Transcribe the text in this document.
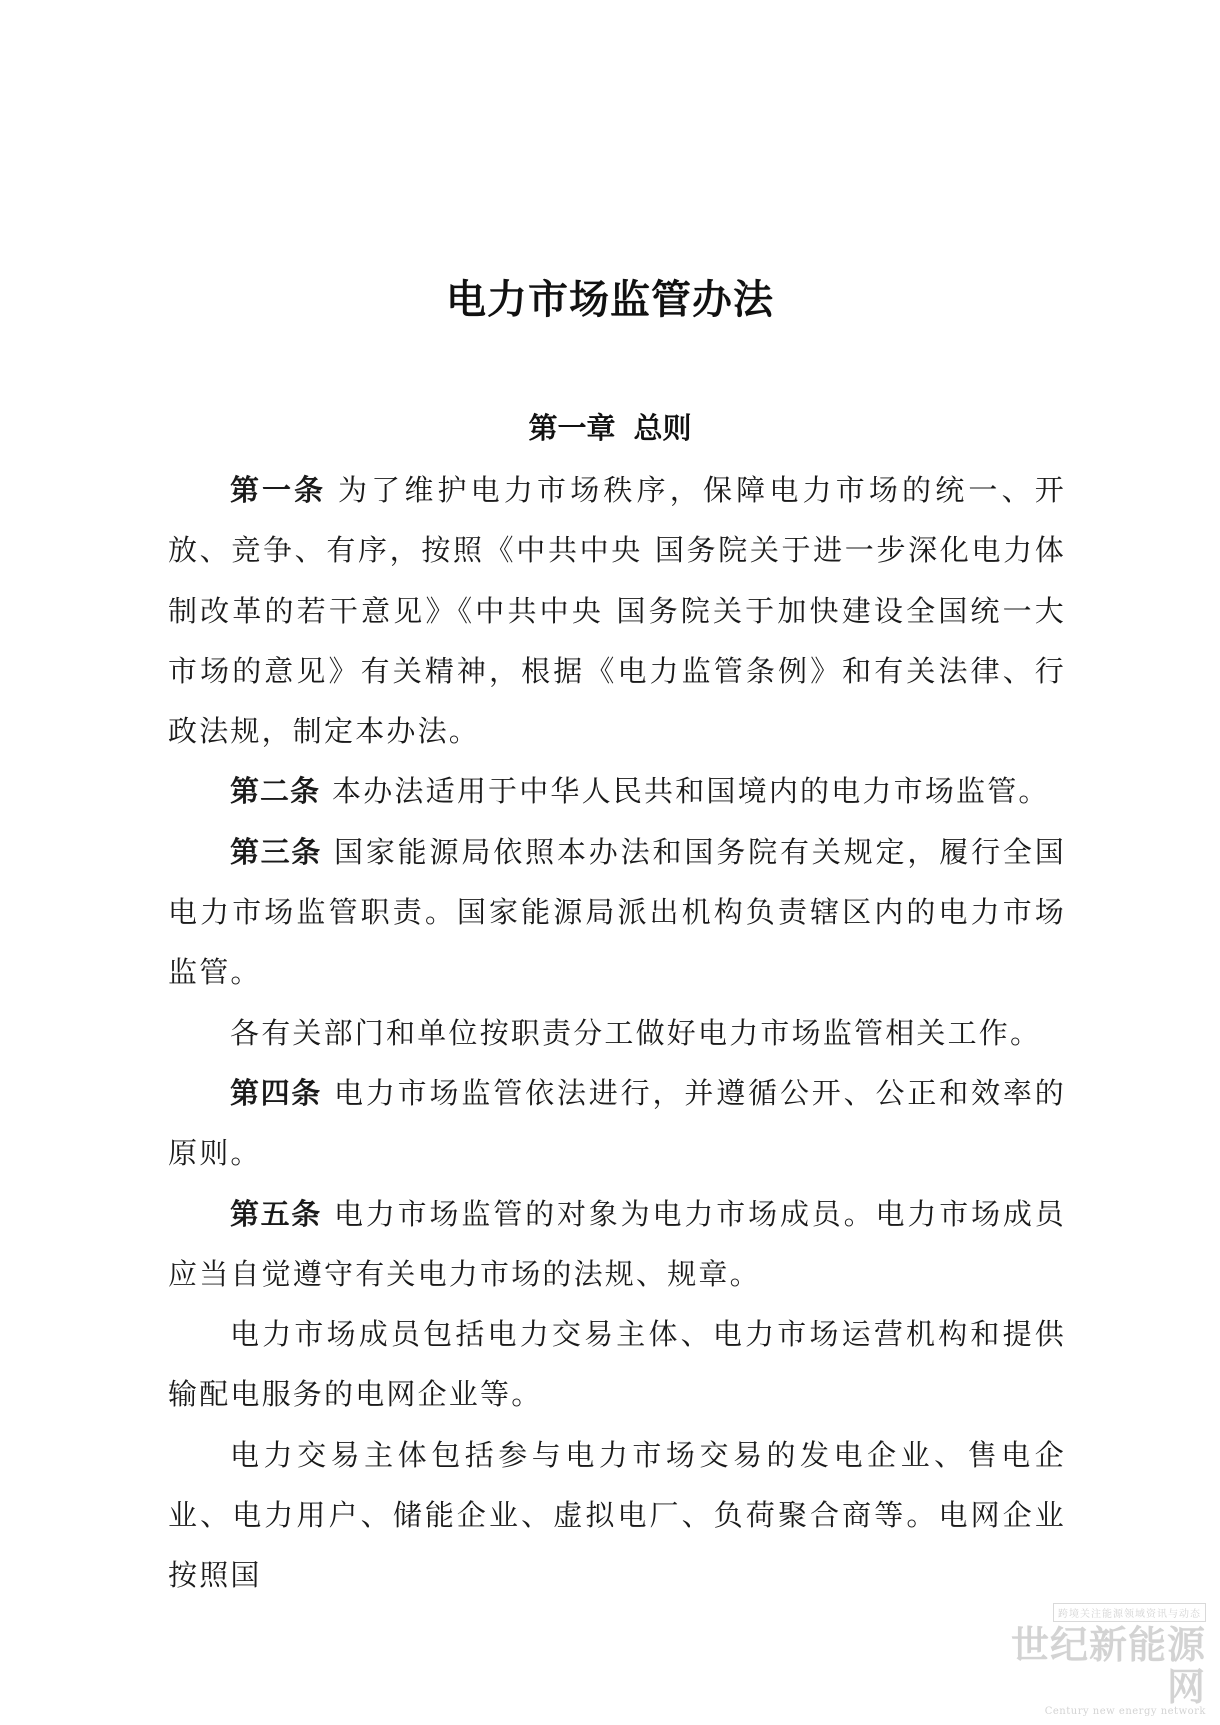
电力市场监管办法
第一章 总则

第一条 为了维护电力市场秩序，保障电力市场的统一、开放、竞争、有序，按照《中共中央 国务院关于进一步深化电力体制改革的若干意见》《中共中央 国务院关于加快建设全国统一大市场的意见》有关精神，根据《电力监管条例》和有关法律、行政法规，制定本办法。

第二条 本办法适用于中华人民共和国境内的电力市场监管。

第三条 国家能源局依照本办法和国务院有关规定，履行全国电力市场监管职责。国家能源局派出机构负责辖区内的电力市场监管。

各有关部门和单位按职责分工做好电力市场监管相关工作。

第四条 电力市场监管依法进行，并遵循公开、公正和效率的原则。

第五条 电力市场监管的对象为电力市场成员。电力市场成员应当自觉遵守有关电力市场的法规、规章。

电力市场成员包括电力交易主体、电力市场运营机构和提供输配电服务的电网企业等。

电力交易主体包括参与电力市场交易的发电企业、售电企业、电力用户、储能企业、虚拟电厂、负荷聚合商等。电网企业按照国

跨境关注能源领域资讯与动态
世纪新能源网
Century new energy network
